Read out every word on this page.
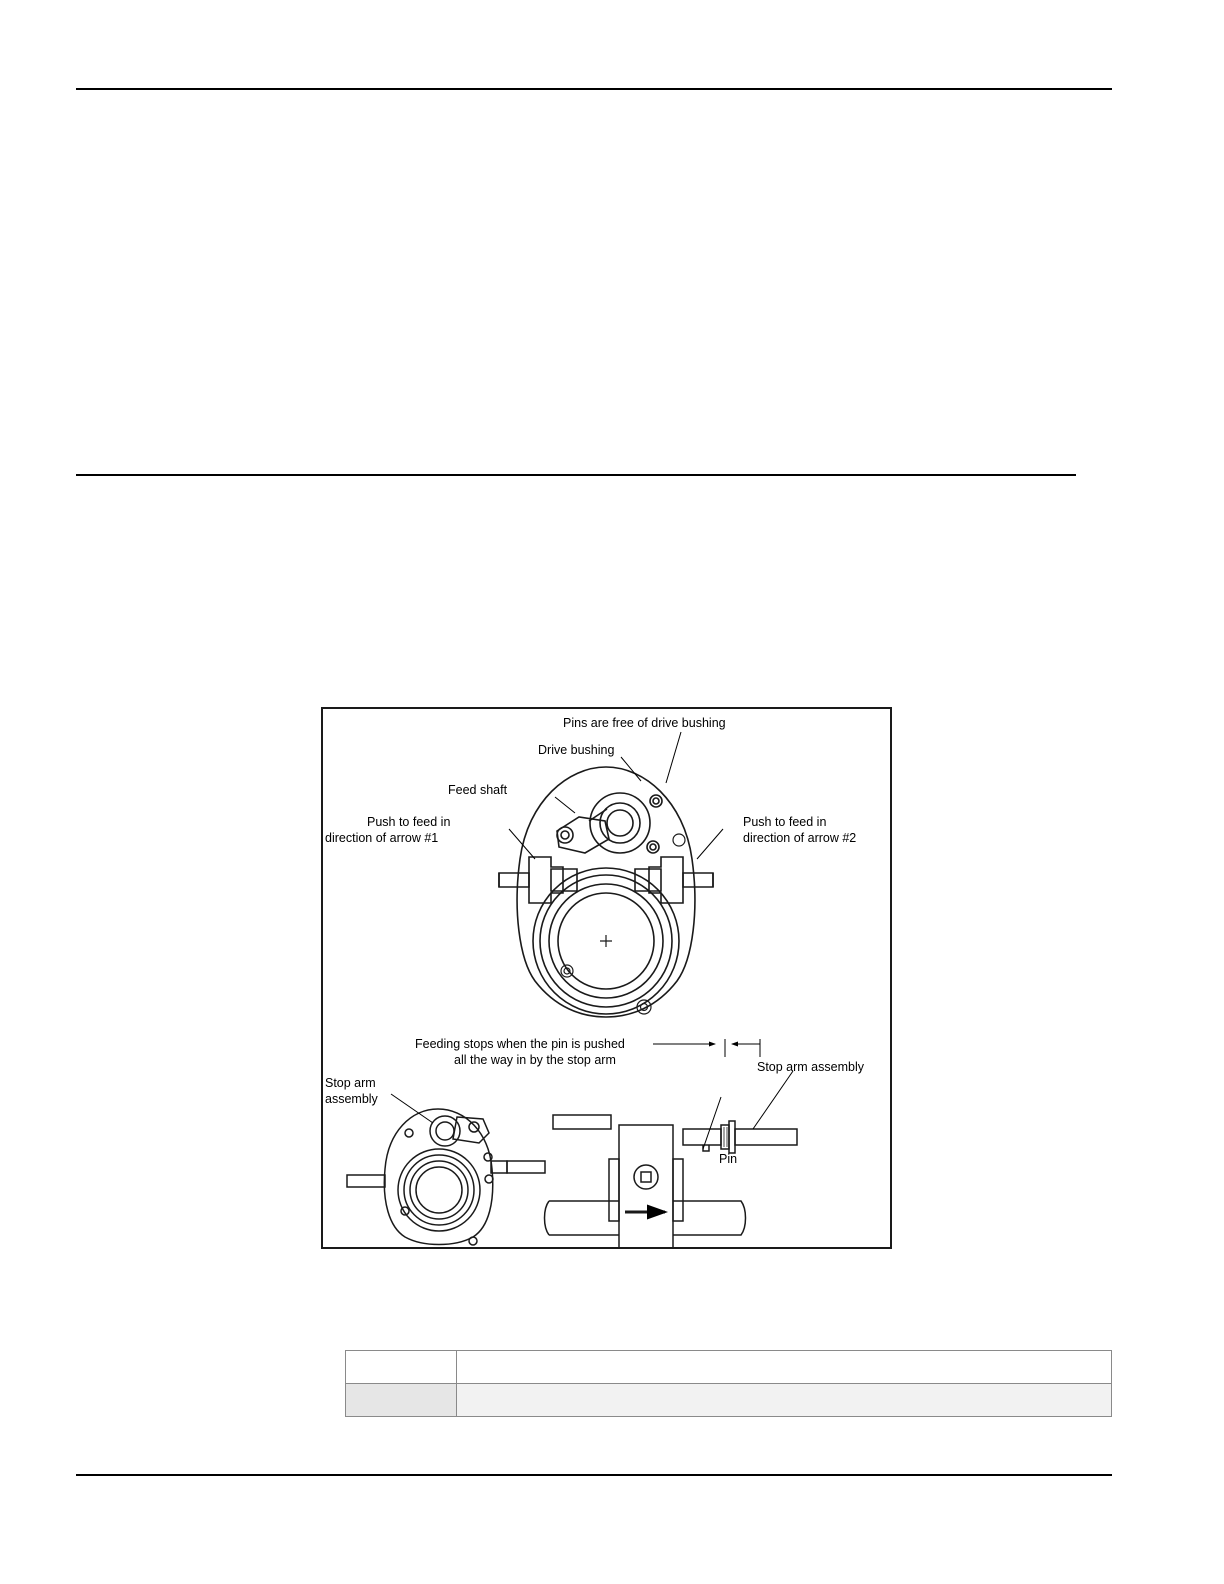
Pins are free of drive bushing
Drive bushing
Feed shaft
Push to feed in
direction of arrow #1
Push to feed in
direction of arrow #2
Stop arm
assembly
Feeding stops when the pin is pushed
all the way in by the stop arm	Stop arm assembly
Pin
